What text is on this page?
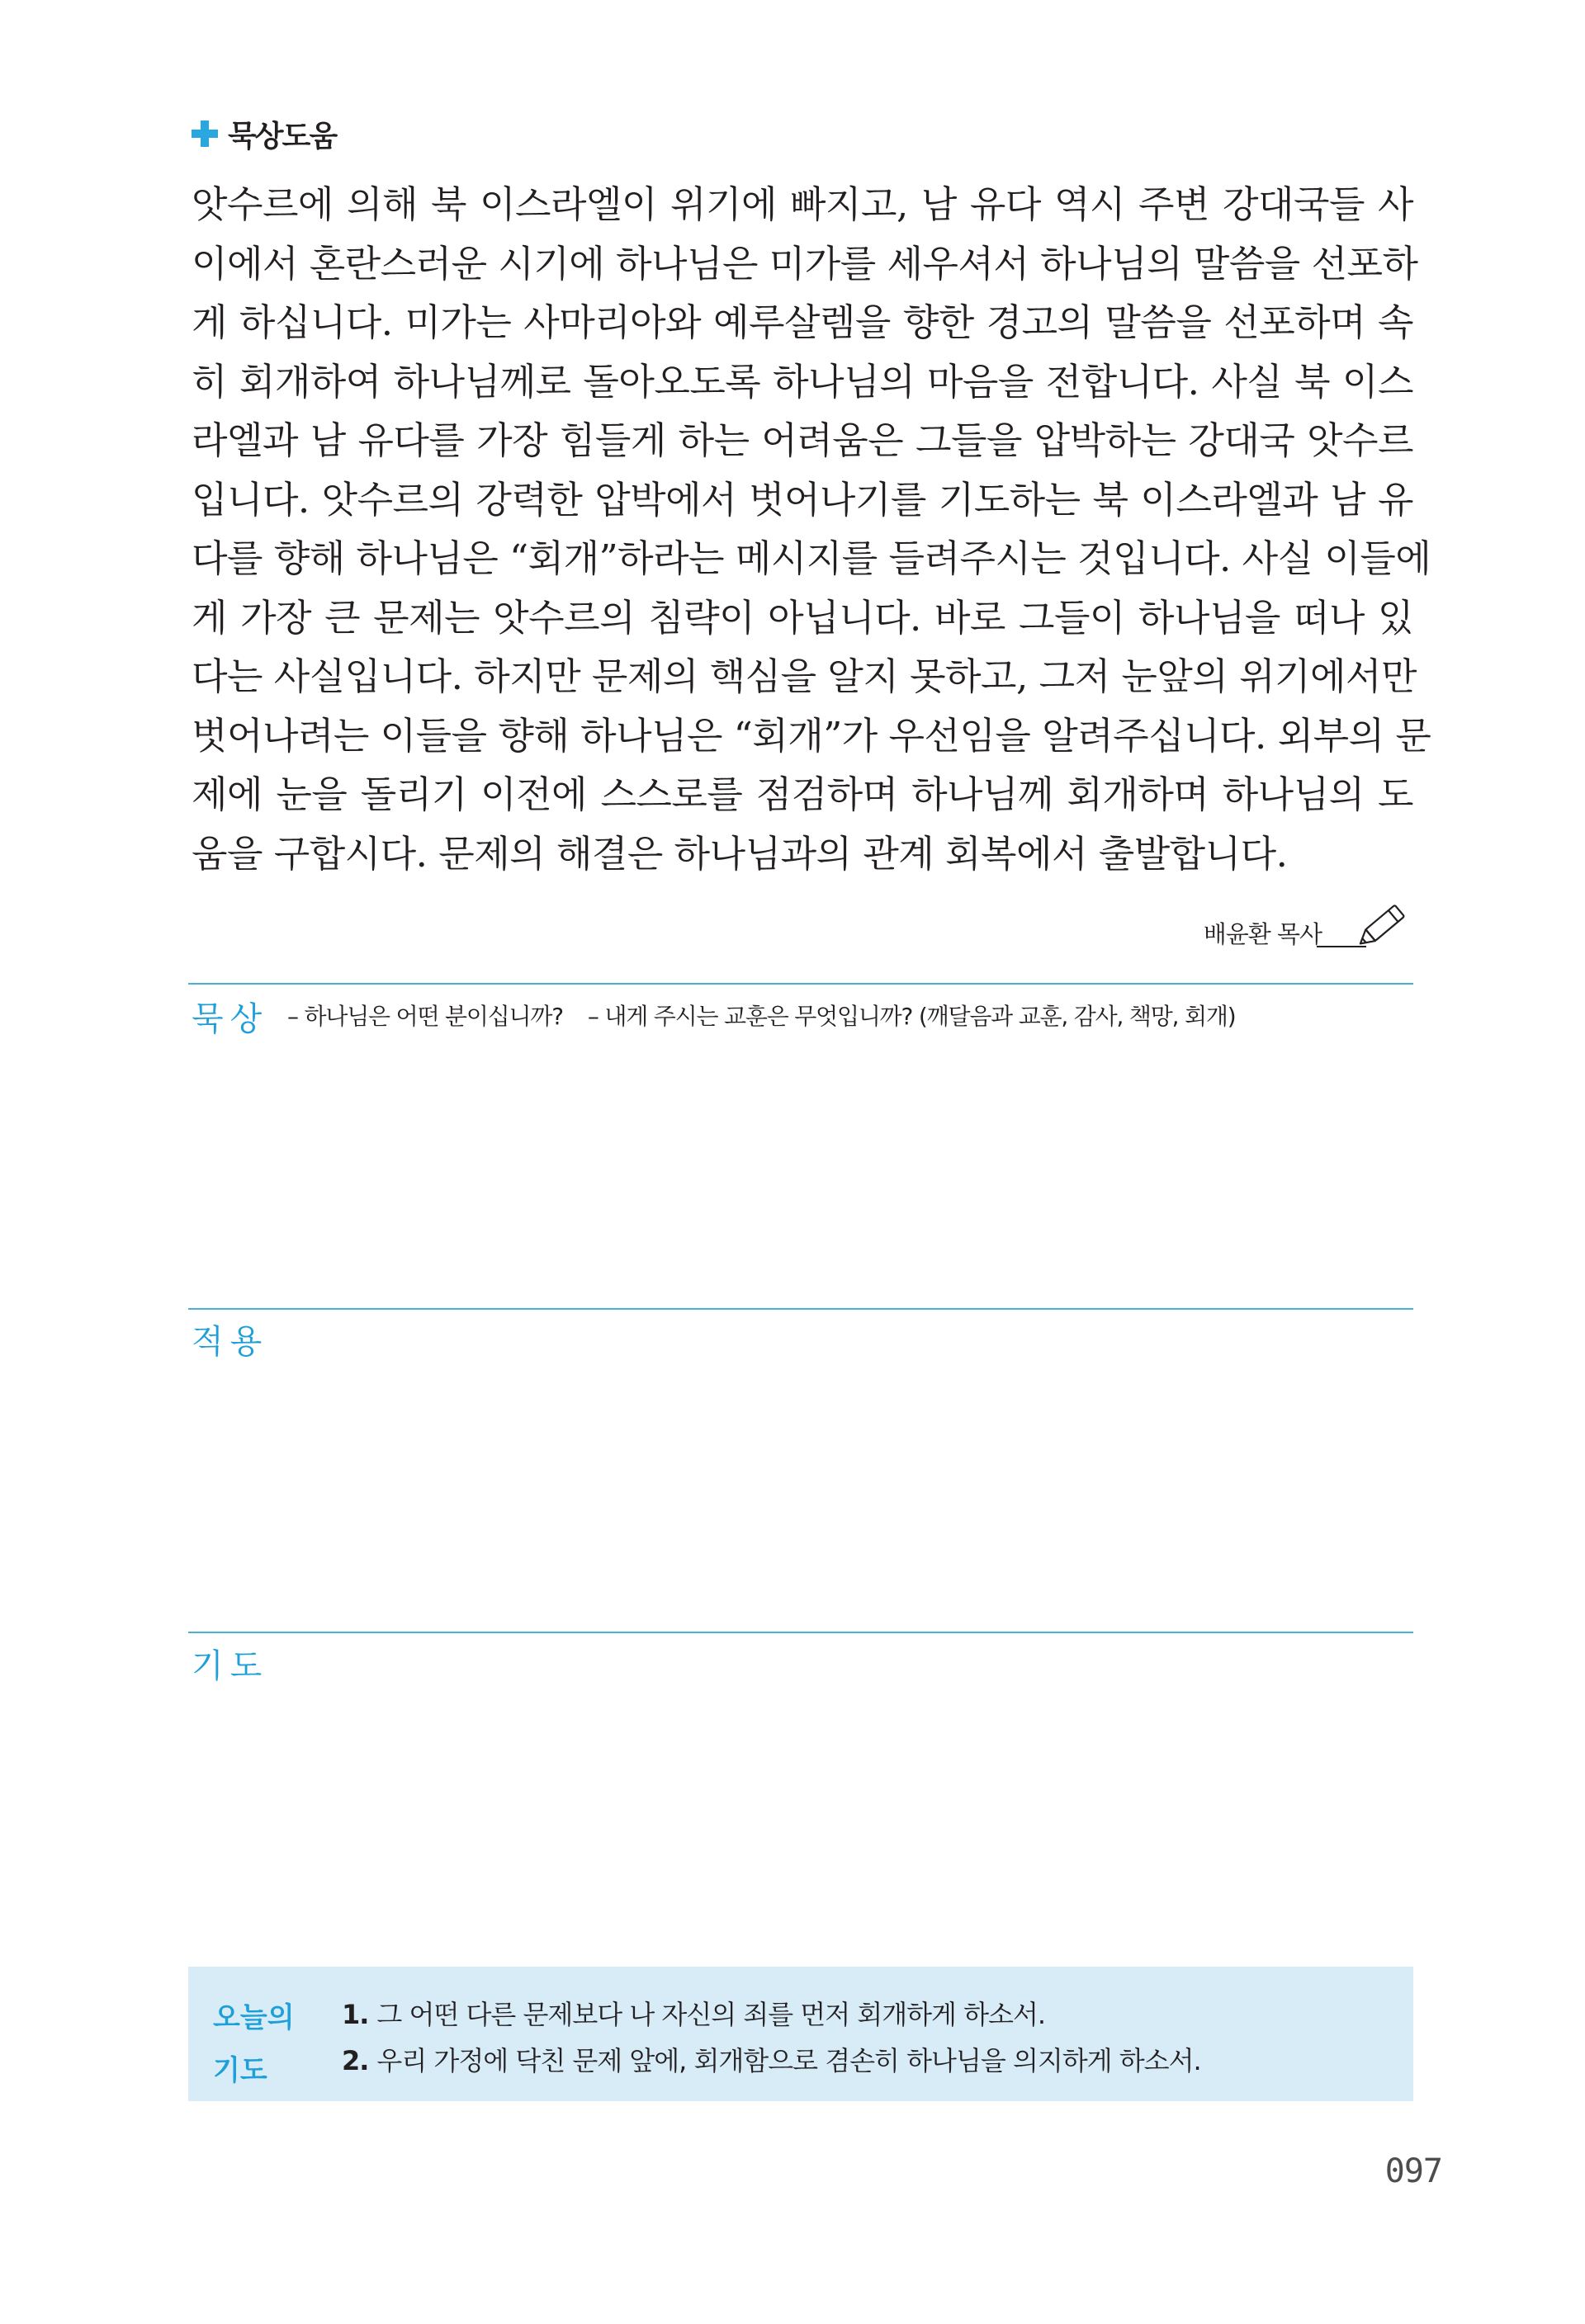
묵상도움
앗수르에 의해 북 이스라엘이 위기에 빠지고, 남 유다 역시 주변 강대국들 사
이에서 혼란스러운 시기에 하나님은 미가를 세우셔서 하나님의 말씀을 선포하
게 하십니다. 미가는 사마리아와 예루살렘을 향한 경고의 말씀을 선포하며 속
히 회개하여 하나님께로 돌아오도록 하나님의 마음을 전합니다. 사실 북 이스
라엘과 남 유다를 가장 힘들게 하는 어려움은 그들을 압박하는 강대국 앗수르
입니다. 앗수르의 강력한 압박에서 벗어나기를 기도하는 북 이스라엘과 남 유
다를 향해 하나님은 “회개”하라는 메시지를 들려주시는 것입니다. 사실 이들에
게 가장 큰 문제는 앗수르의 침략이 아닙니다. 바로 그들이 하나님을 떠나 있
다는 사실입니다. 하지만 문제의 핵심을 알지 못하고, 그저 눈앞의 위기에서만
벗어나려는 이들을 향해 하나님은 “회개”가 우선임을 알려주십니다. 외부의 문
제에 눈을 돌리기 이전에 스스로를 점검하며 하나님께 회개하며 하나님의 도
움을 구합시다. 문제의 해결은 하나님과의 관계 회복에서 출발합니다.
배윤환 목사
묵상 – 하나님은 어떤 분이십니까? – 내게 주시는 교훈은 무엇입니까? (깨달음과 교훈, 감사, 책망, 회개)
적용
기도
오늘의
기도
1. 그 어떤 다른 문제보다 나 자신의 죄를 먼저 회개하게 하소서.
2. 우리 가정에 닥친 문제 앞에, 회개함으로 겸손히 하나님을 의지하게 하소서.
097
